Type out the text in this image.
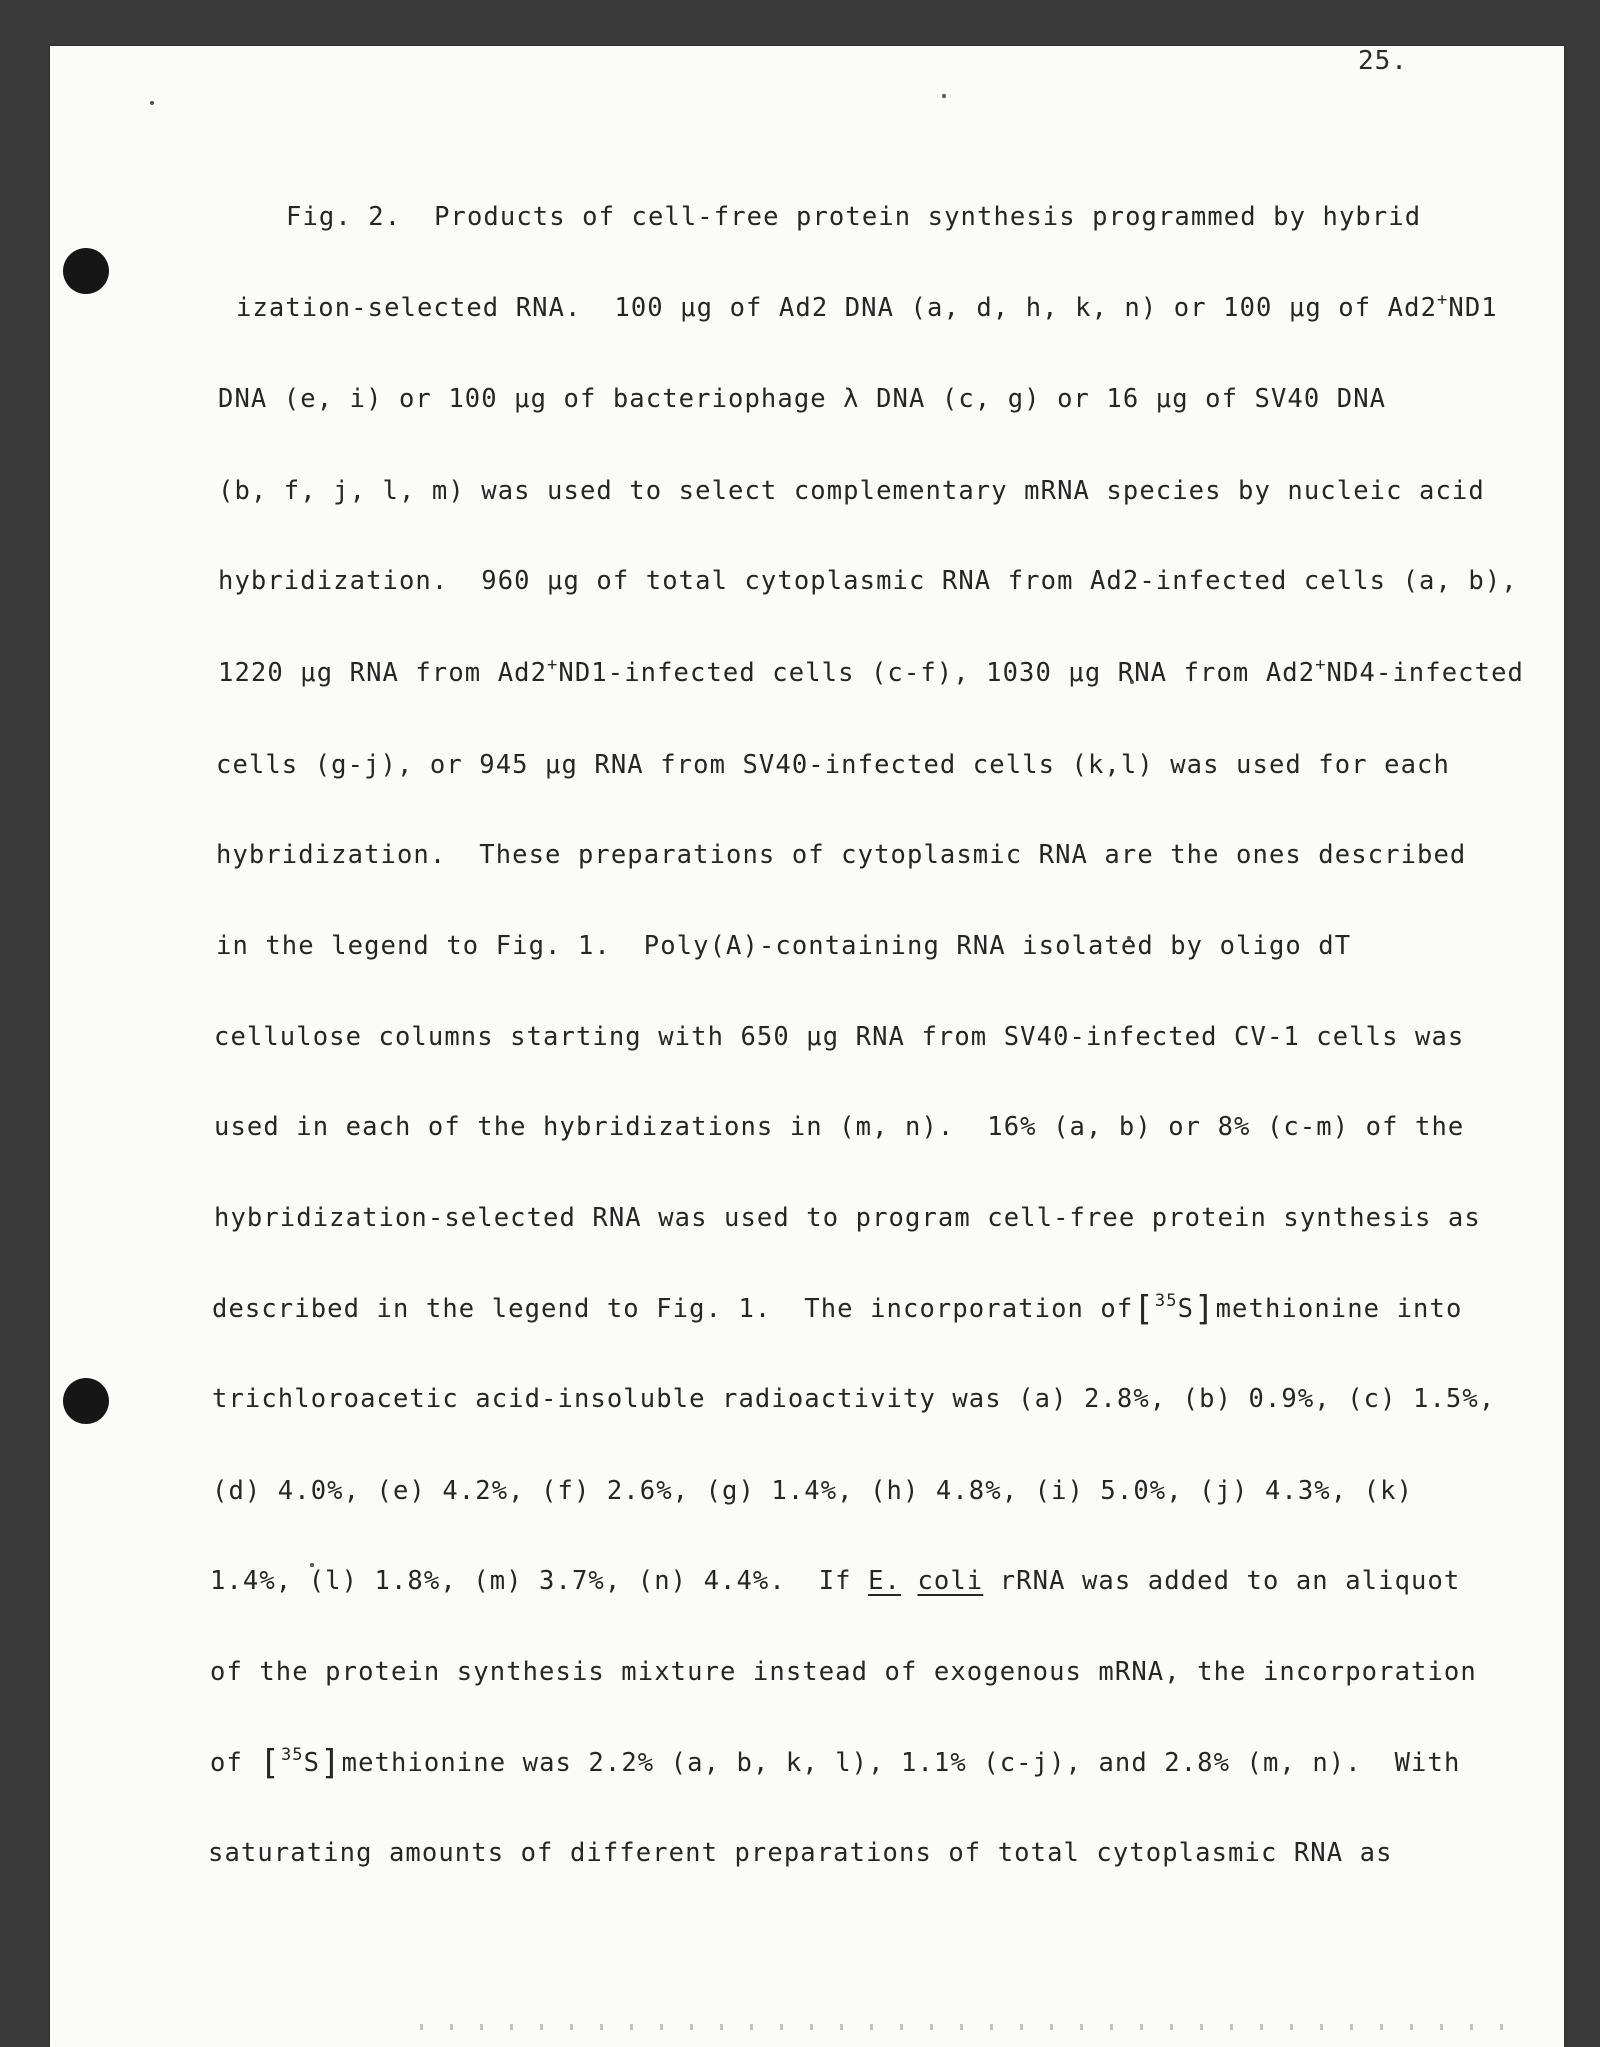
25.
Fig. 2.  Products of cell-free protein synthesis programmed by hybrid
ization-selected RNA.  100 μg of Ad2 DNA (a, d, h, k, n) or 100 μg of Ad2+ND1
DNA (e, i) or 100 μg of bacteriophage λ DNA (c, g) or 16 μg of SV40 DNA
(b, f, j, l, m) was used to select complementary mRNA species by nucleic acid
hybridization.  960 μg of total cytoplasmic RNA from Ad2-infected cells (a, b),
1220 μg RNA from Ad2+ND1-infected cells (c-f), 1030 μg RNA from Ad2+ND4-infected
cells (g-j), or 945 μg RNA from SV40-infected cells (k,l) was used for each
hybridization.  These preparations of cytoplasmic RNA are the ones described
in the legend to Fig. 1.  Poly(A)-containing RNA isolated by oligo dT
cellulose columns starting with 650 μg RNA from SV40-infected CV-1 cells was
used in each of the hybridizations in (m, n).  16% (a, b) or 8% (c-m) of the
hybridization-selected RNA was used to program cell-free protein synthesis as
described in the legend to Fig. 1.  The incorporation of[$^{35}$S]methionine into
trichloroacetic acid-insoluble radioactivity was (a) 2.8%, (b) 0.9%, (c) 1.5%,
(d) 4.0%, (e) 4.2%, (f) 2.6%, (g) 1.4%, (h) 4.8%, (i) 5.0%, (j) 4.3%, (k)
1.4%, (l) 1.8%, (m) 3.7%, (n) 4.4%.  If E. coli rRNA was added to an aliquot
of the protein synthesis mixture instead of exogenous mRNA, the incorporation
of [$^{35}$S]methionine was 2.2% (a, b, k, l), 1.1% (c-j), and 2.8% (m, n).  With
saturating amounts of different preparations of total cytoplasmic RNA as
